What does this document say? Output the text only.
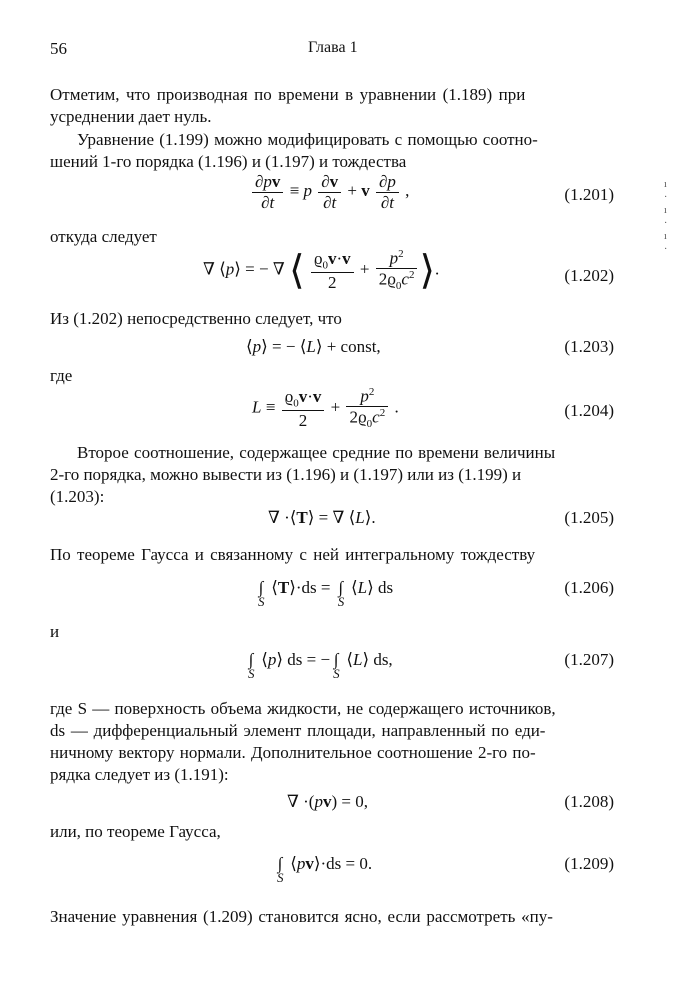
56	Глава 1
Отметим, что производная по времени в уравнении (1.189) при
усреднении дает нуль.
Уравнение (1.199) можно модифицировать с помощью соотно-
шений 1-го порядка (1.196) и (1.197) и тождества
$\frac{\partial pv}{\partial t} \equiv p \frac{\partial v}{\partial t} + v \frac{\partial p}{\partial t}$ ,	(1.201)
откуда следует
∇ ⟨p⟩ = − ∇ ⟨ $\frac{ϱ_0v\cdot v}{2} + \frac{p^2}{2ϱ_0c^2}$ ⟩.	(1.202)
Из (1.202) непосредственно следует, что
⟨p⟩ = − ⟨L⟩ + const,	(1.203)
где
$L \equiv \frac{ϱ_0v\cdot v}{2} + \frac{p^2}{2ϱ_0c^2}$ .	(1.204)
Второе соотношение, содержащее средние по времени величины
2-го порядка, можно вывести из (1.196) и (1.197) или из (1.199) и
(1.203):
∇ ·⟨T⟩ = ∇ ⟨L⟩.	(1.205)
По теореме Гаусса и связанному с ней интегральному тождеству
∫
S
⟨T⟩·ds = ∫
S
⟨L⟩ ds	(1.206)
и
∫
S
⟨p⟩ ds = − ∫
S
⟨L⟩ ds,	(1.207)
где S — поверхность объема жидкости, не содержащего источников,
ds — дифференциальный элемент площади, направленный по еди-
ничному вектору нормали. Дополнительное соотношение 2-го по-
рядка следует из (1.191):
∇ ·(pv) = 0,	(1.208)
или, по теореме Гаусса,
∫
S
⟨pv⟩·ds = 0.	(1.209)
Значение уравнения (1.209) становится ясно, если рассмотреть «пу-
ı
·
ı
·
ı
·
